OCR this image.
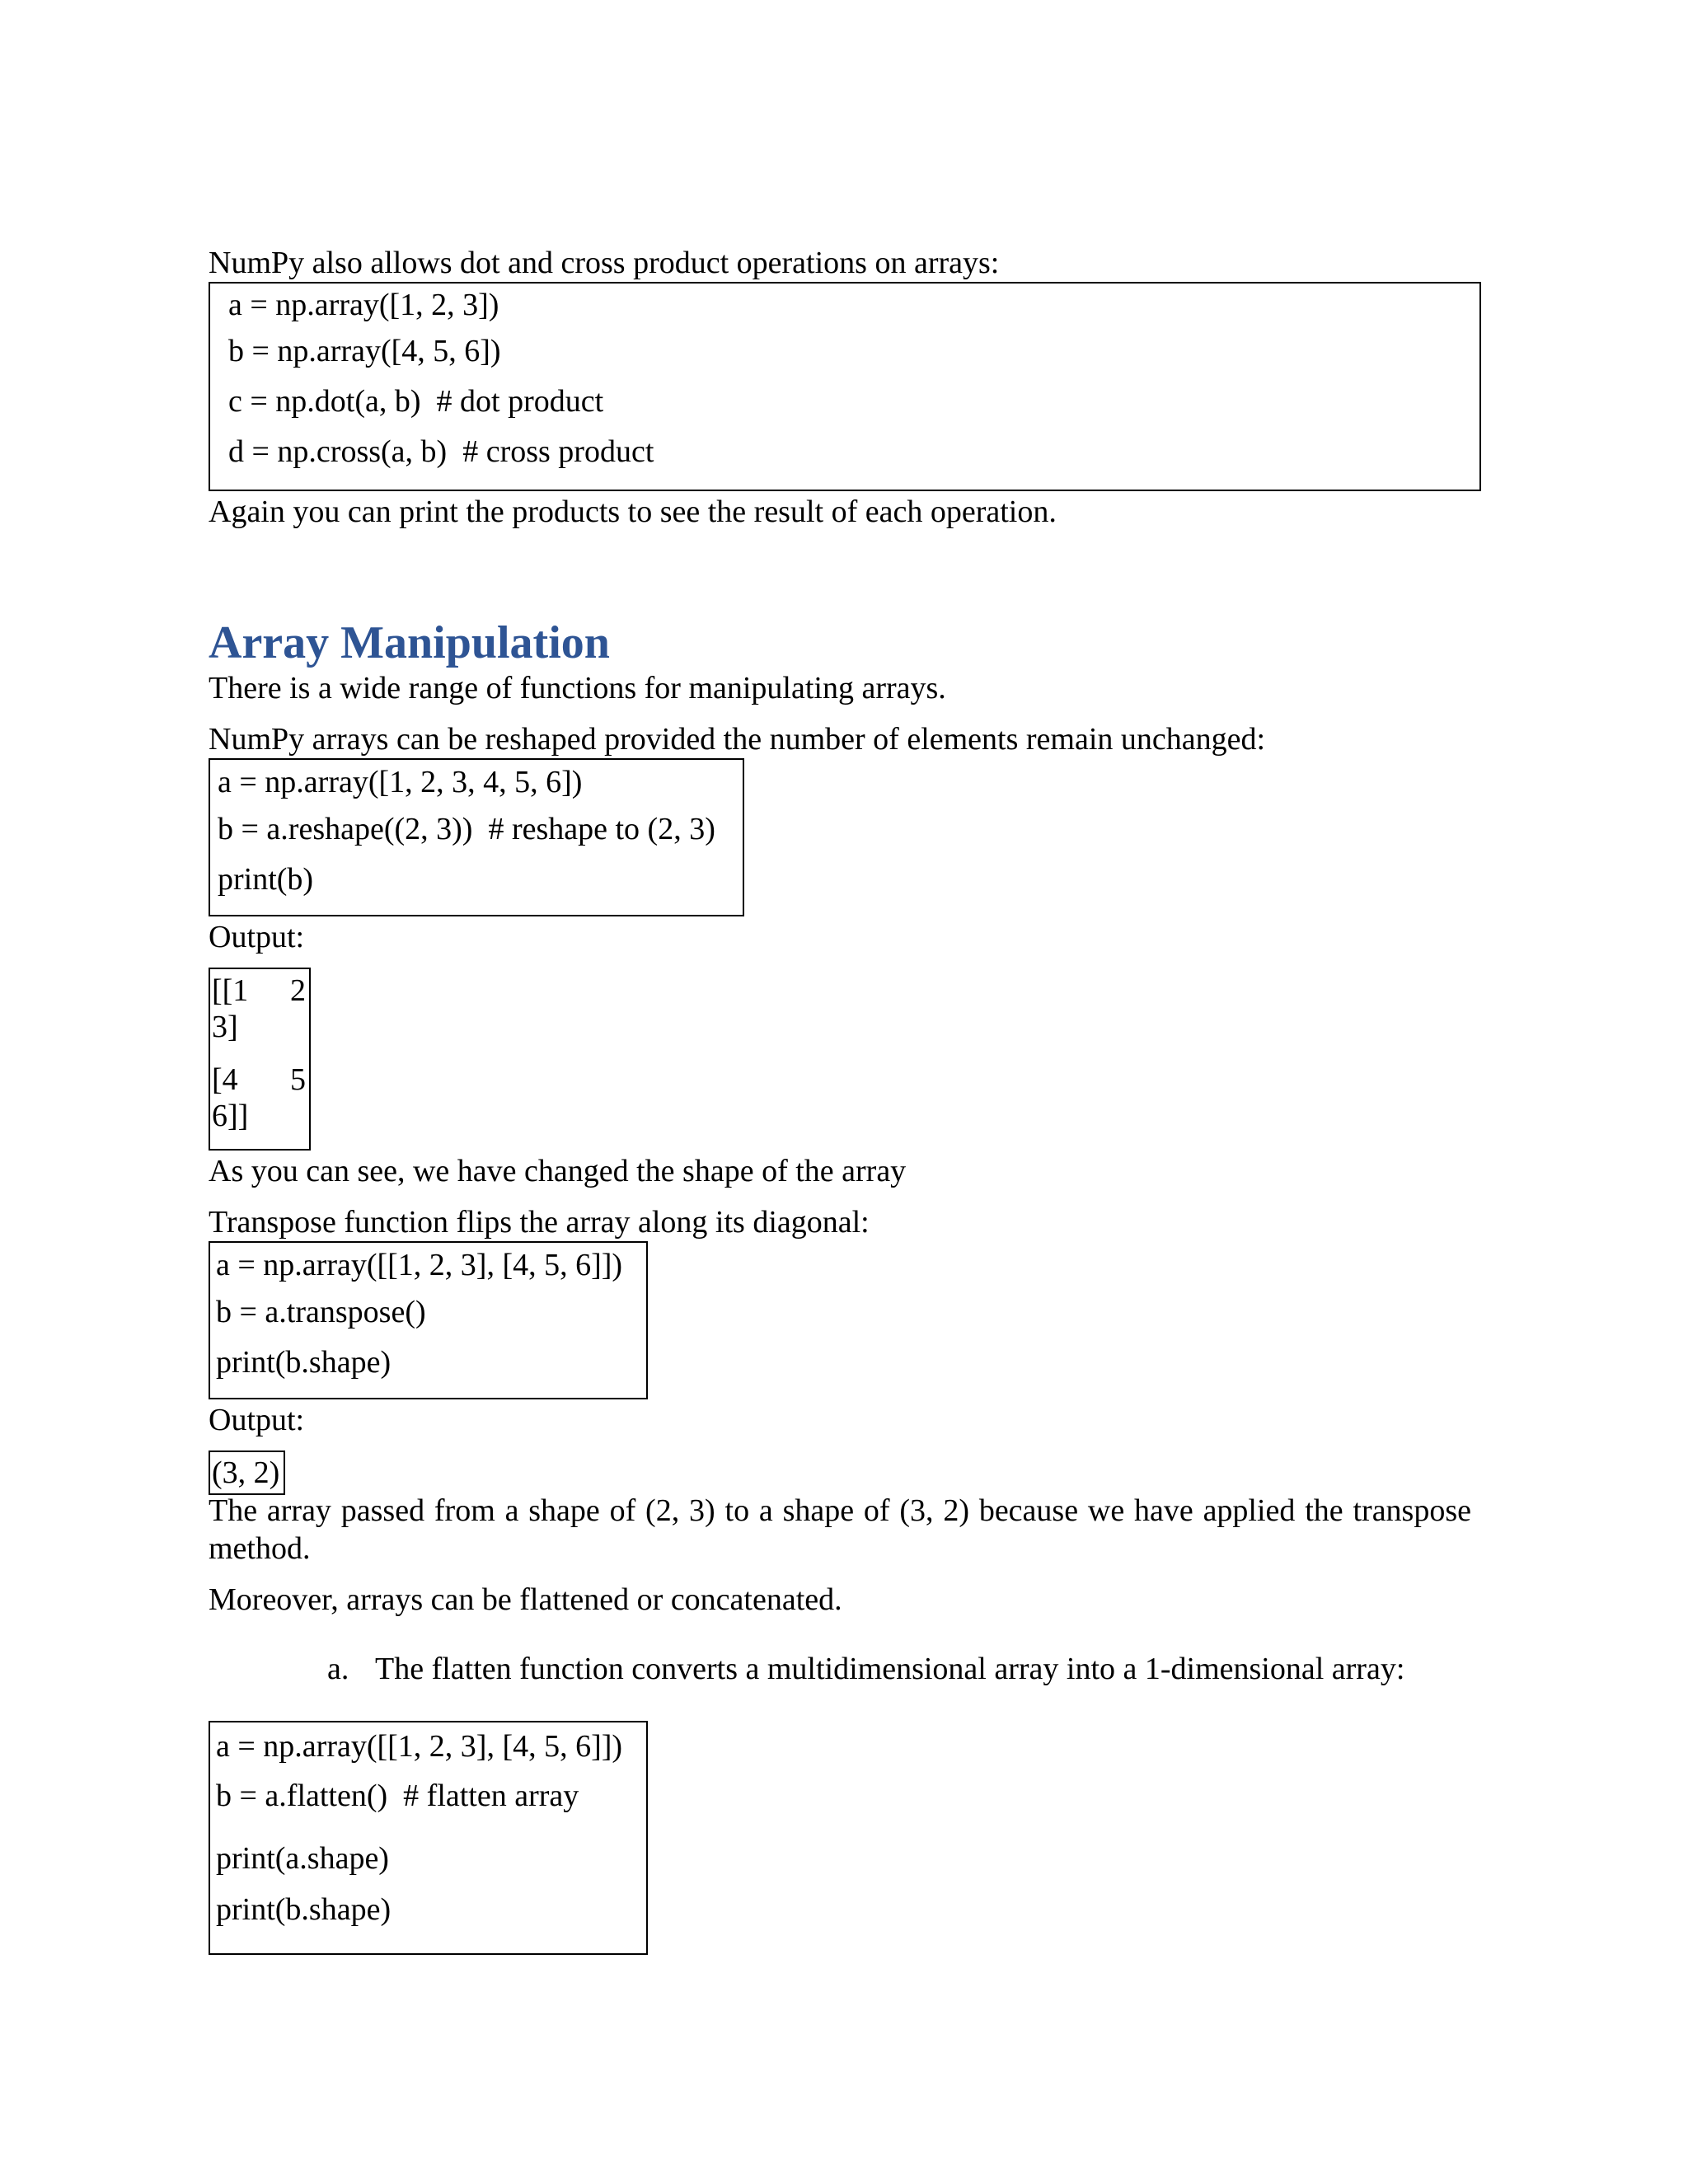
NumPy also allows dot and cross product operations on arrays:

a = np.array([1, 2, 3])
b = np.array([4, 5, 6])
c = np.dot(a, b)  # dot product
d = np.cross(a, b)  # cross product

Again you can print the products to see the result of each operation.

Array Manipulation

There is a wide range of functions for manipulating arrays.

NumPy arrays can be reshaped provided the number of elements remain unchanged:

a = np.array([1, 2, 3, 4, 5, 6])
b = a.reshape((2, 3))  # reshape to (2, 3)
print(b)

Output:

[[1 2
3]
[4 5
6]]

As you can see, we have changed the shape of the array

Transpose function flips the array along its diagonal:

a = np.array([[1, 2, 3], [4, 5, 6]])
b = a.transpose()
print(b.shape)

Output:

(3, 2)

The array passed from a shape of (2, 3) to a shape of (3, 2) because we have applied the transpose method.

Moreover, arrays can be flattened or concatenated.

a. The flatten function converts a multidimensional array into a 1-dimensional array:

a = np.array([[1, 2, 3], [4, 5, 6]])
b = a.flatten()  # flatten array
print(a.shape)
print(b.shape)
